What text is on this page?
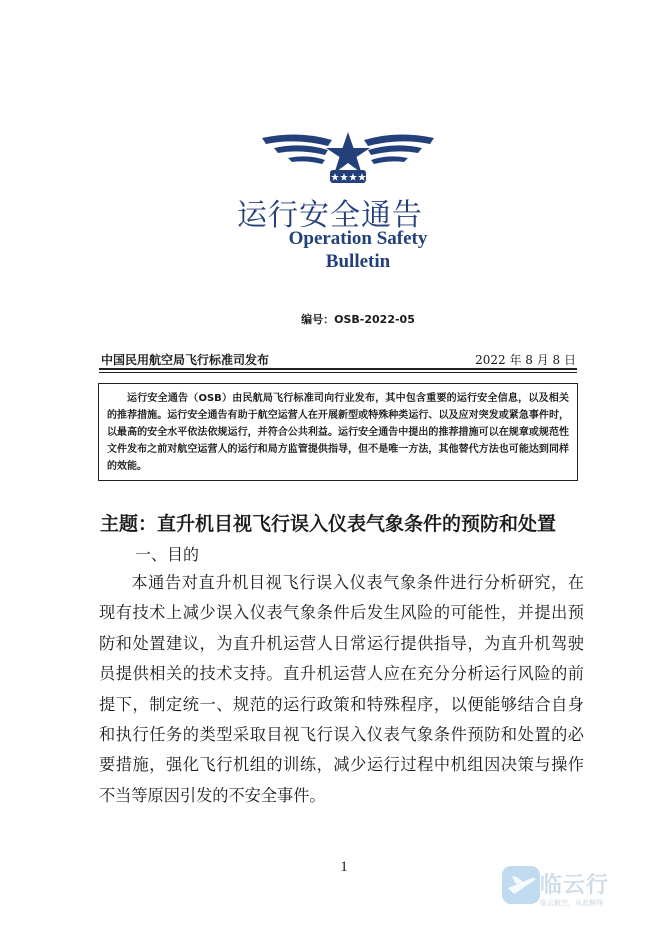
运行安全通告
Operation Safety
Bulletin
编号：OSB-2022-05
中国民用航空局飞行标准司发布	2022 年 8 月 8 日

运行安全通告（OSB）由民航局飞行标准司向行业发布，其中包含重要的运行安全信息，以及相关的推荐措施。运行安全通告有助于航空运营人在开展新型或特殊种类运行、以及应对突发或紧急事件时，以最高的安全水平依法依规运行，并符合公共利益。运行安全通告中提出的推荐措施可以在规章或规范性文件发布之前对航空运营人的运行和局方监管提供指导，但不是唯一方法，其他替代方法也可能达到同样的效能。

主题：直升机目视飞行误入仪表气象条件的预防和处置
一、目的

本通告对直升机目视飞行误入仪表气象条件进行分析研究，在现有技术上减少误入仪表气象条件后发生风险的可能性，并提出预防和处置建议，为直升机运营人日常运行提供指导，为直升机驾驶员提供相关的技术支持。直升机运营人应在充分分析运行风险的前提下，制定统一、规范的运行政策和特殊程序，以便能够结合自身和执行任务的类型采取目视飞行误入仪表气象条件预防和处置的必要措施，强化飞行机组的训练，减少运行过程中机组因决策与操作不当等原因引发的不安全事件。

1
临云行
临云航空，从此翱翔
